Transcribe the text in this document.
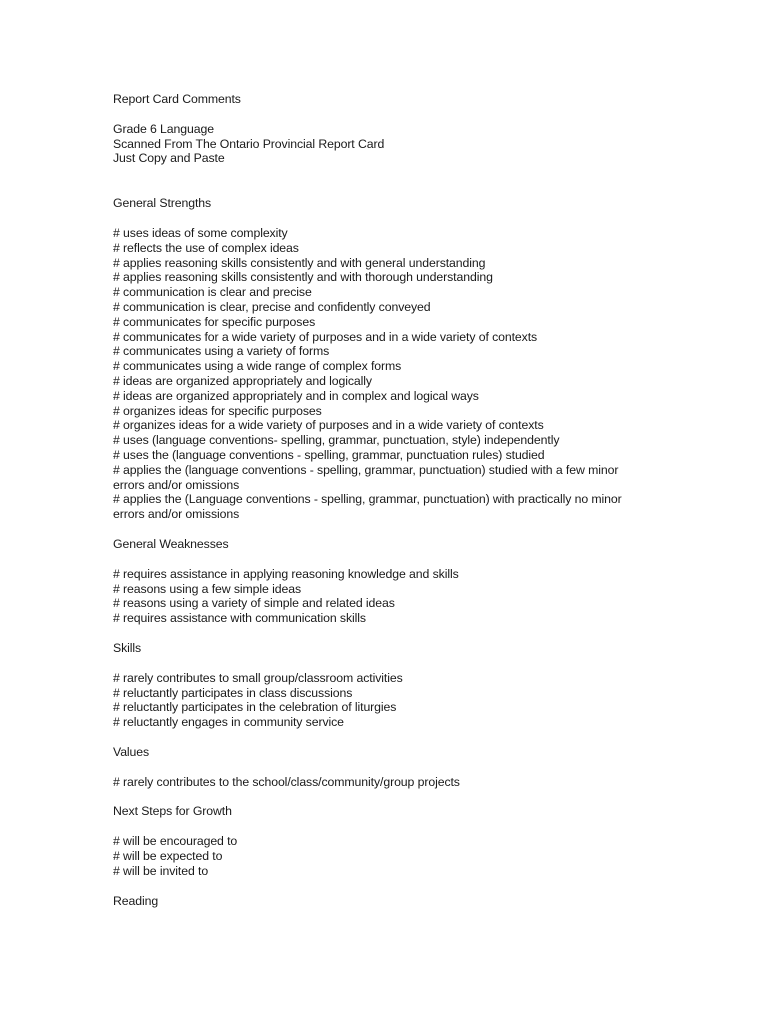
Report Card Comments
Grade 6 Language
Scanned From The Ontario Provincial Report Card
Just Copy and Paste
General Strengths
# uses ideas of some complexity
# reflects the use of complex ideas
# applies reasoning skills consistently and with general understanding
# applies reasoning skills consistently and with thorough understanding
# communication is clear and precise
# communication is clear, precise and confidently conveyed
# communicates for specific purposes
# communicates for a wide variety of purposes and in a wide variety of contexts
# communicates using a variety of forms
# communicates using a wide range of complex forms
# ideas are organized appropriately and logically
# ideas are organized appropriately and in complex and logical ways
# organizes ideas for specific purposes
# organizes ideas for a wide variety of purposes and in a wide variety of contexts
# uses (language conventions- spelling, grammar, punctuation, style) independently
# uses the (language conventions - spelling, grammar, punctuation rules) studied
# applies the (language conventions - spelling, grammar, punctuation) studied with a few minor errors and/or omissions
# applies the (Language conventions - spelling, grammar, punctuation) with practically no minor errors and/or omissions
General Weaknesses
# requires assistance in applying reasoning knowledge and skills
# reasons using a few simple ideas
# reasons using a variety of simple and related ideas
# requires assistance with communication skills
Skills
# rarely contributes to small group/classroom activities
# reluctantly participates in class discussions
# reluctantly participates in the celebration of liturgies
# reluctantly engages in community service
Values
# rarely contributes to the school/class/community/group projects
Next Steps for Growth
# will be encouraged to
# will be expected to
# will be invited to
Reading
